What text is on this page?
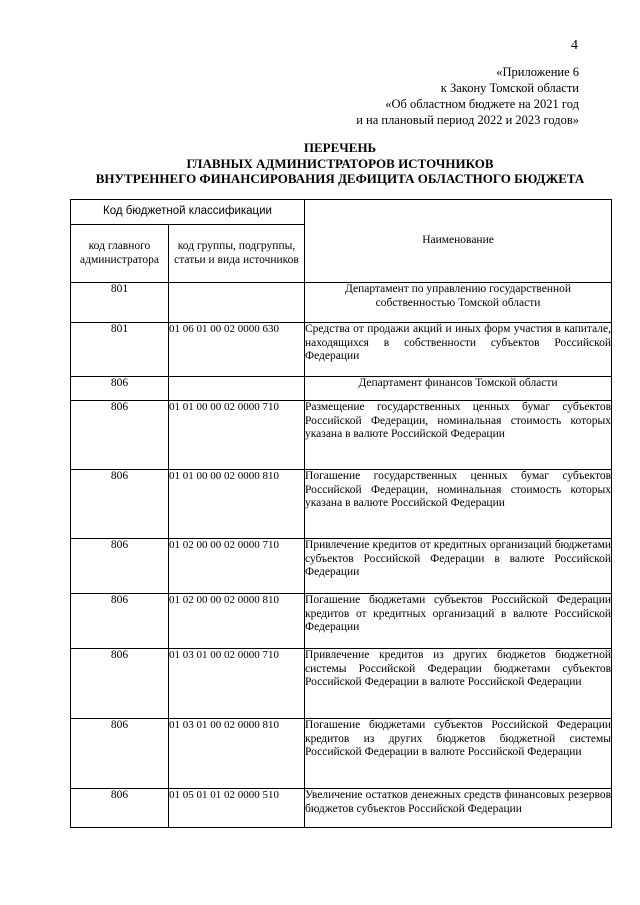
4
«Приложение 6
к Закону Томской области
«Об областном бюджете на 2021 год
и на плановый период 2022 и 2023 годов»
ПЕРЕЧЕНЬ
ГЛАВНЫХ АДМИНИСТРАТОРОВ ИСТОЧНИКОВ
ВНУТРЕННЕГО ФИНАНСИРОВАНИЯ ДЕФИЦИТА ОБЛАСТНОГО БЮДЖЕТА
Код бюджетной классификации		Наименование
код главного администратора	код группы, подгруппы, статьи и вида источников	
801		Департамент по управлению государственной собственностью Томской области
801	01 06 01 00 02 0000 630	Средства от продажи акций и иных форм участия в капитале, находящихся в собственности субъектов Российской Федерации
806		Департамент финансов Томской области
806	01 01 00 00 02 0000 710	Размещение государственных ценных бумаг субъектов Российской Федерации, номинальная стоимость которых указана в валюте Российской Федерации
806	01 01 00 00 02 0000 810	Погашение государственных ценных бумаг субъектов Российской Федерации, номинальная стоимость которых указана в валюте Российской Федерации
806	01 02 00 00 02 0000 710	Привлечение кредитов от кредитных организаций бюджетами субъектов Российской Федерации в валюте Российской Федерации
806	01 02 00 00 02 0000 810	Погашение бюджетами субъектов Российской Федерации кредитов от кредитных организаций в валюте Российской Федерации
806	01 03 01 00 02 0000 710	Привлечение кредитов из других бюджетов бюджетной системы Российской Федерации бюджетами субъектов Российской Федерации в валюте Российской Федерации
806	01 03 01 00 02 0000 810	Погашение бюджетами субъектов Российской Федерации кредитов из других бюджетов бюджетной системы Российской Федерации в валюте Российской Федерации
806	01 05 01 01 02 0000 510	Увеличение остатков денежных средств финансовых резервов бюджетов субъектов Российской Федерации
